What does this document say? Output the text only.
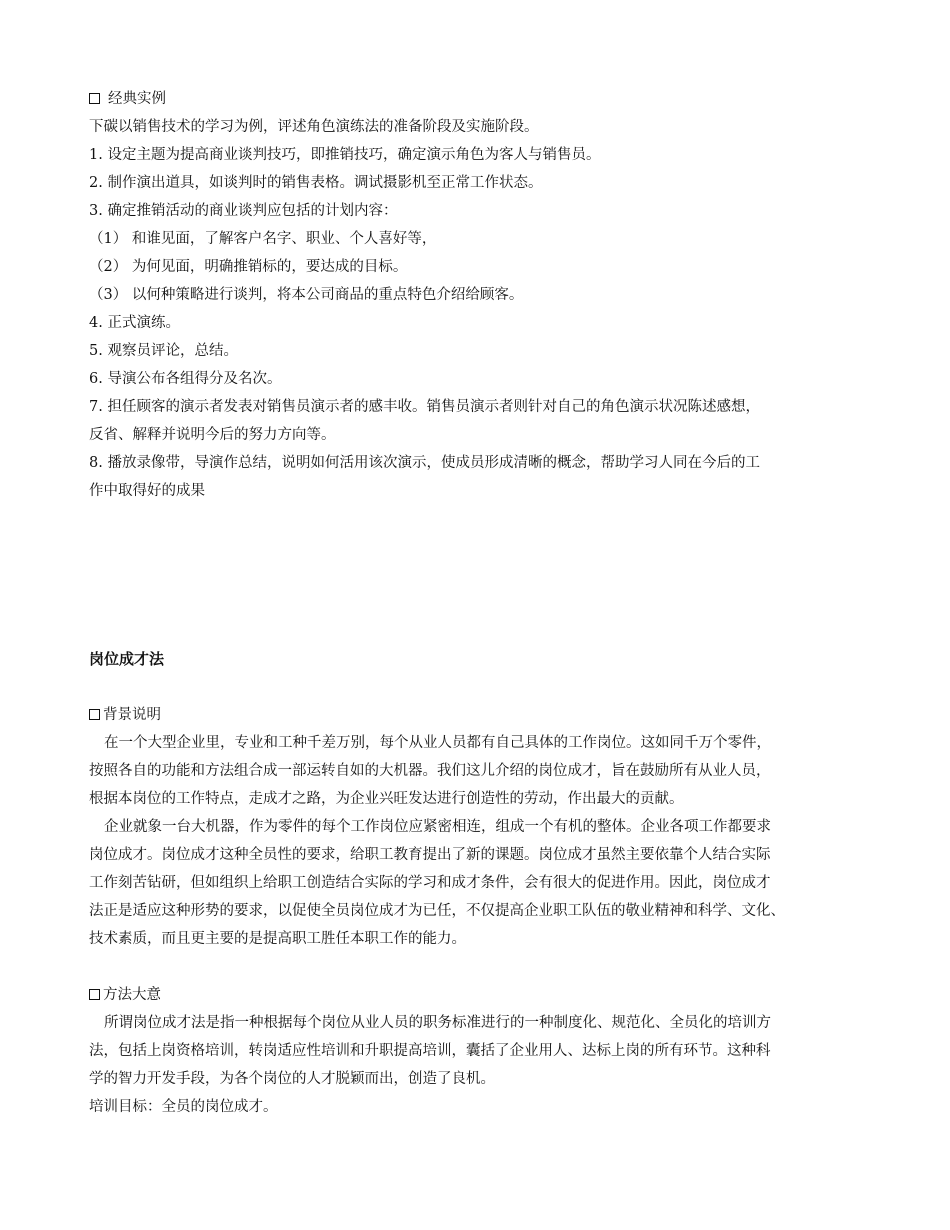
经典实例
下碳以销售技术的学习为例，评述角色演练法的准备阶段及实施阶段。
1. 设定主题为提高商业谈判技巧，即推销技巧，确定演示角色为客人与销售员。
2. 制作演出道具，如谈判时的销售表格。调试摄影机至正常工作状态。
3. 确定推销活动的商业谈判应包括的计划内容：
（1） 和谁见面，了解客户名字、职业、个人喜好等，
（2） 为何见面，明确推销标的，要达成的目标。
（3） 以何种策略进行谈判，将本公司商品的重点特色介绍给顾客。
4. 正式演练。
5. 观察员评论，总结。
6. 导演公布各组得分及名次。
7. 担任顾客的演示者发表对销售员演示者的感丰收。销售员演示者则针对自己的角色演示状况陈述感想，
反省、解释并说明今后的努力方向等。
8. 播放录像带，导演作总结，说明如何活用该次演示，使成员形成清晰的概念，帮助学习人同在今后的工
作中取得好的成果
岗位成才法
背景说明
在一个大型企业里，专业和工种千差万别，每个从业人员都有自己具体的工作岗位。这如同千万个零件，
按照各自的功能和方法组合成一部运转自如的大机器。我们这儿介绍的岗位成才，旨在鼓励所有从业人员，
根据本岗位的工作特点，走成才之路，为企业兴旺发达进行创造性的劳动，作出最大的贡献。
企业就象一台大机器，作为零件的每个工作岗位应紧密相连，组成一个有机的整体。企业各项工作都要求
岗位成才。岗位成才这种全员性的要求，给职工教育提出了新的课题。岗位成才虽然主要依靠个人结合实际
工作刻苦钻研，但如组织上给职工创造结合实际的学习和成才条件，会有很大的促进作用。因此，岗位成才
法正是适应这种形势的要求，以促使全员岗位成才为已任，不仅提高企业职工队伍的敬业精神和科学、文化、
技术素质，而且更主要的是提高职工胜任本职工作的能力。
方法大意
所谓岗位成才法是指一种根据每个岗位从业人员的职务标准进行的一种制度化、规范化、全员化的培训方
法，包括上岗资格培训，转岗适应性培训和升职提高培训，囊括了企业用人、达标上岗的所有环节。这种科
学的智力开发手段，为各个岗位的人才脱颖而出，创造了良机。
培训目标：全员的岗位成才。
